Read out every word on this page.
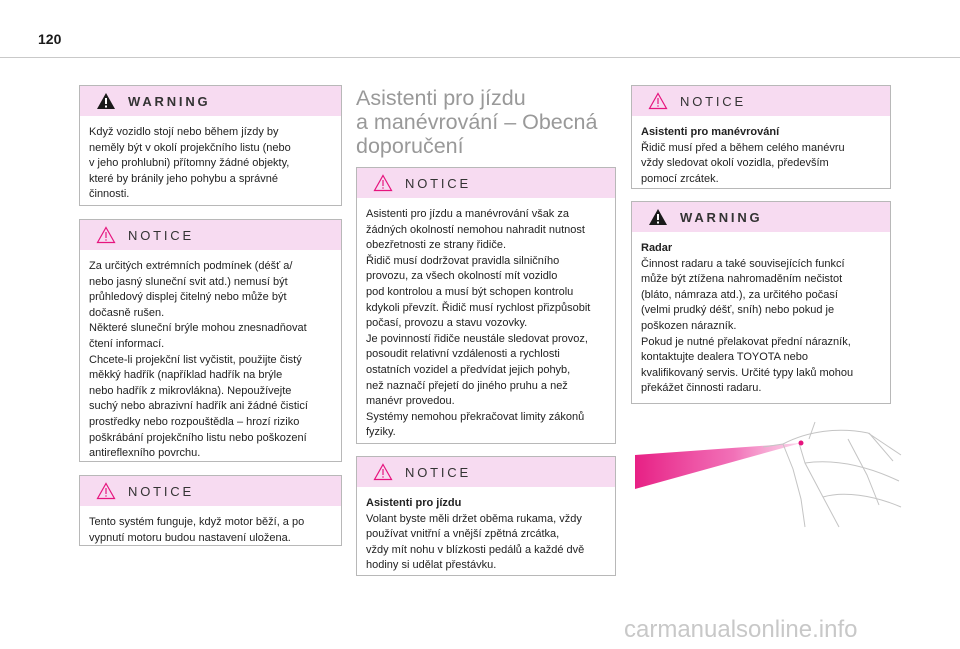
120
WARNING
Když vozidlo stojí nebo během jízdy by
neměly být v okolí projekčního listu (nebo
v jeho prohlubni) přítomny žádné objekty,
které by bránily jeho pohybu a správné
činnosti.
NOTICE
Za určitých extrémních podmínek (déšť a/
nebo jasný sluneční svit atd.) nemusí být
průhledový displej čitelný nebo může být
dočasně rušen.
Některé sluneční brýle mohou znesnadňovat
čtení informací.
Chcete-li projekční list vyčistit, použijte čistý
měkký hadřík (například hadřík na brýle
nebo hadřík z mikrovlákna). Nepoužívejte
suchý nebo abrazivní hadřík ani žádné čisticí
prostředky nebo rozpouštědla – hrozí riziko
poškrábání projekčního listu nebo poškození
antireflexního povrchu.
NOTICE
Tento systém funguje, když motor běží, a po
vypnutí motoru budou nastavení uložena.
Asistenti pro jízdu
a manévrování – Obecná
doporučení
NOTICE
Asistenti pro jízdu a manévrování však za
žádných okolností nemohou nahradit nutnost
obezřetnosti ze strany řidiče.
Řidič musí dodržovat pravidla silničního
provozu, za všech okolností mít vozidlo
pod kontrolou a musí být schopen kontrolu
kdykoli převzít. Řidič musí rychlost přizpůsobit
počasí, provozu a stavu vozovky.
Je povinností řidiče neustále sledovat provoz,
posoudit relativní vzdálenosti a rychlosti
ostatních vozidel a předvídat jejich pohyb,
než naznačí přejetí do jiného pruhu a než
manévr provedou.
Systémy nemohou překračovat limity zákonů
fyziky.
NOTICE
Asistenti pro jízdu
Volant byste měli držet oběma rukama, vždy
používat vnitřní a vnější zpětná zrcátka,
vždy mít nohu v blízkosti pedálů a každé dvě
hodiny si udělat přestávku.
NOTICE
Asistenti pro manévrování
Řidič musí před a během celého manévru
vždy sledovat okolí vozidla, především
pomocí zrcátek.
WARNING
Radar
Činnost radaru a také souvisejících funkcí
může být ztížena nahromaděním nečistot
(bláto, námraza atd.), za určitého počasí
(velmi prudký déšť, sníh) nebo pokud je
poškozen nárazník.
Pokud je nutné přelakovat přední nárazník,
kontaktujte dealera TOYOTA nebo
kvalifikovaný servis. Určité typy laků mohou
překážet činnosti radaru.
carmanualsonline.info
